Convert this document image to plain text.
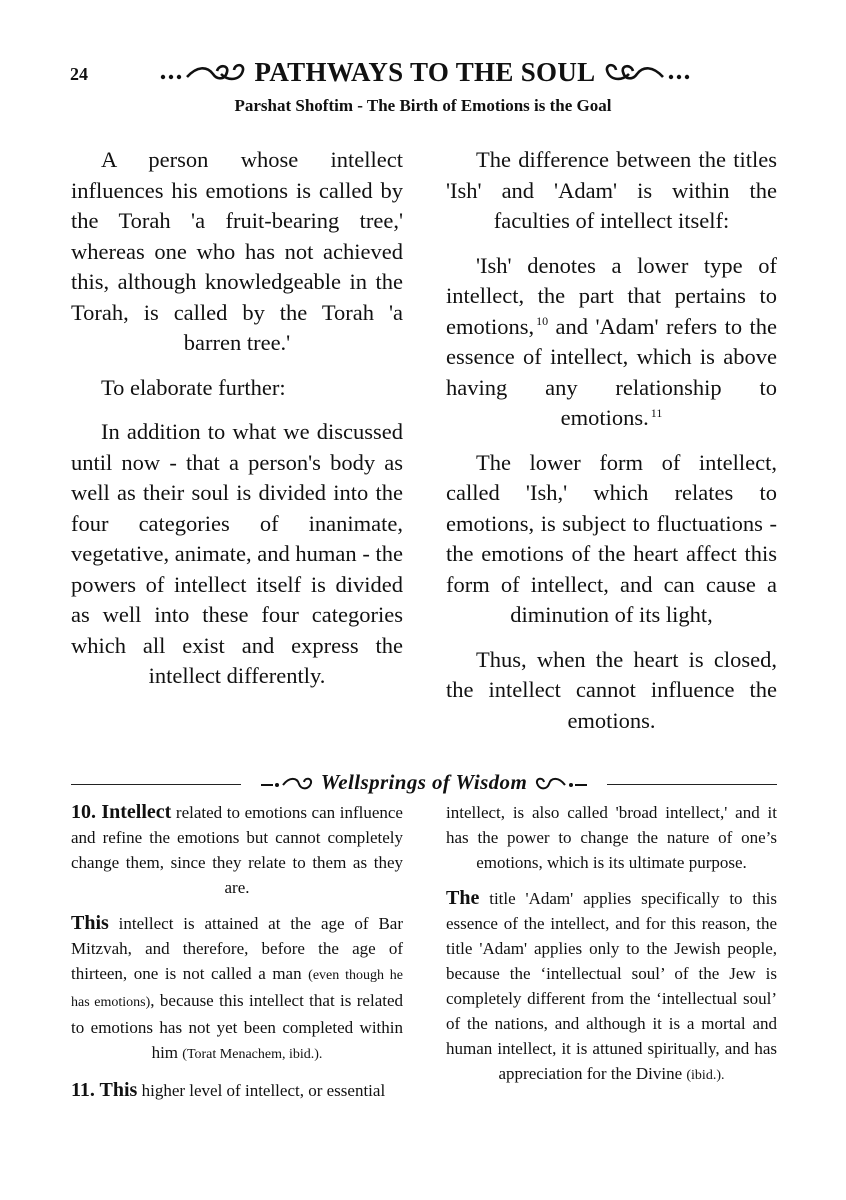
24	PATHWAYS TO THE SOUL
Parshat Shoftim - The Birth of Emotions is the Goal

A person whose intellect influences his emotions is called by the Torah 'a fruit-bearing tree,' whereas one who has not achieved this, although knowledgeable in the Torah, is called by the Torah 'a barren tree.'

To elaborate further:

In addition to what we discussed until now - that a person's body as well as their soul is divided into the four categories of inanimate, vegetative, animate, and human - the powers of intellect itself is divided as well into these four categories which all exist and express the intellect differently.

The difference between the titles 'Ish' and 'Adam' is within the faculties of intellect itself:

'Ish' denotes a lower type of intellect, the part that pertains to emotions, $^{10}$ and 'Adam' refers to the essence of intellect, which is above having any relationship to emotions. $^{11}$

The lower form of intellect, called 'Ish,' which relates to emotions, is subject to fluctuations - the emotions of the heart affect this form of intellect, and can cause a diminution of its light,

Thus, when the heart is closed, the intellect cannot influence the emotions.

Wellsprings of Wisdom

10. Intellect related to emotions can influence and refine the emotions but cannot completely change them, since they relate to them as they are.

This intellect is attained at the age of Bar Mitzvah, and therefore, before the age of thirteen, one is not called a man (even though he has emotions), because this intellect that is related to emotions has not yet been completed within him (Torat Menachem, ibid.).

11. This higher level of intellect, or essential

intellect, is also called 'broad intellect,' and it has the power to change the nature of one’s emotions, which is its ultimate purpose.

The title 'Adam' applies specifically to this essence of the intellect, and for this reason, the title 'Adam' applies only to the Jewish people, because the ‘intellectual soul’ of the Jew is completely different from the ‘intellectual soul’ of the nations, and although it is a mortal and human intellect, it is attuned spiritually, and has appreciation for the Divine (ibid.).
